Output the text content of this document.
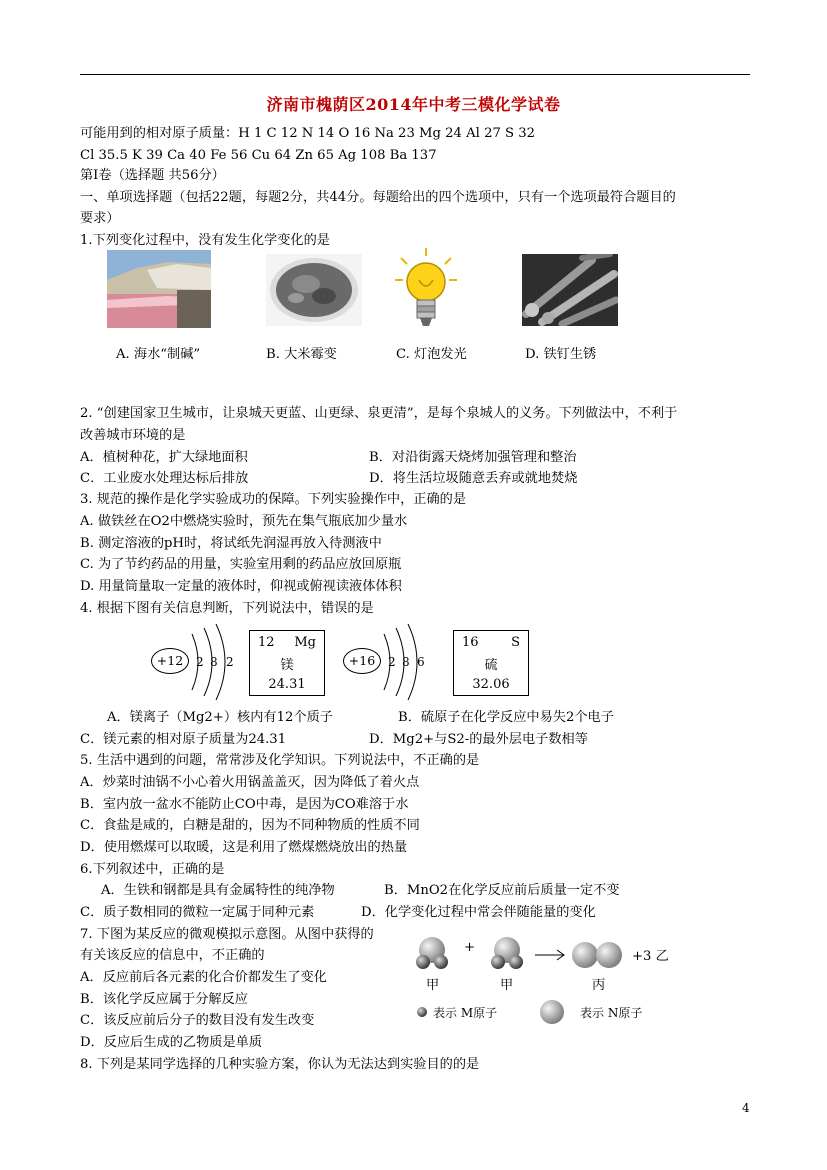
济南市槐荫区2014年中考三模化学试卷
可能用到的相对原子质量：H 1 C 12 N 14 O 16 Na 23 Mg 24 Al 27 S 32
Cl 35.5 K 39 Ca 40 Fe 56 Cu 64 Zn 65 Ag 108 Ba 137
第Ⅰ卷（选择题 共56分）
一、单项选择题（包括22题，每题2分，共44分。每题给出的四个选项中，只有一个选项最符合题目的
要求）
1.下列变化过程中，没有发生化学变化的是
A. 海水“制碱”	B. 大米霉变	C. 灯泡发光	D. 铁钉生锈
2. “创建国家卫生城市，让泉城天更蓝、山更绿、泉更清”，是每个泉城人的义务。下列做法中，不利于
改善城市环境的是
A．植树种花，扩大绿地面积	B．对沿街露天烧烤加强管理和整治
C．工业废水处理达标后排放	D．将生活垃圾随意丢弃或就地焚烧
3. 规范的操作是化学实验成功的保障。下列实验操作中，正确的是
A. 做铁丝在O2中燃烧实验时，预先在集气瓶底加少量水
B. 测定溶液的pH时，将试纸先润湿再放入待测液中
C. 为了节约药品的用量，实验室用剩的药品应放回原瓶
D. 用量筒量取一定量的液体时，仰视或俯视读液体体积
4. 根据下图有关信息判断，下列说法中，错误的是
+12	2 8 2
12 Mg
镁
24.31
+16	2 8 6
16	S
硫
32.06
A．镁离子（Mg2+）核内有12个质子	B．硫原子在化学反应中易失2个电子
C．镁元素的相对原子质量为24.31	D．Mg2+与S2-的最外层电子数相等
5. 生活中遇到的问题，常常涉及化学知识。下列说法中，不正确的是
A．炒菜时油锅不小心着火用锅盖盖灭，因为降低了着火点
B．室内放一盆水不能防止CO中毒，是因为CO难溶于水
C．食盐是咸的，白糖是甜的，因为不同种物质的性质不同
D．使用燃煤可以取暖，这是利用了燃煤燃烧放出的热量
6.下列叙述中，正确的是
A．生铁和钢都是具有金属特性的纯净物	B．MnO2在化学反应前后质量一定不变
C．质子数相同的微粒一定属于同种元素	D．化学变化过程中常会伴随能量的变化
7. 下图为某反应的微观模拟示意图。从图中获得的
有关该反应的信息中，不正确的
A．反应前后各元素的化合价都发生了变化
B．该化学反应属于分解反应
C．该反应前后分子的数目没有发生改变
D．反应后生成的乙物质是单质
8. 下列是某同学选择的几种实验方案，你认为无法达到实验目的的是
+
+3 乙
甲	甲	丙
表示 M原子	表示 N原子
4
